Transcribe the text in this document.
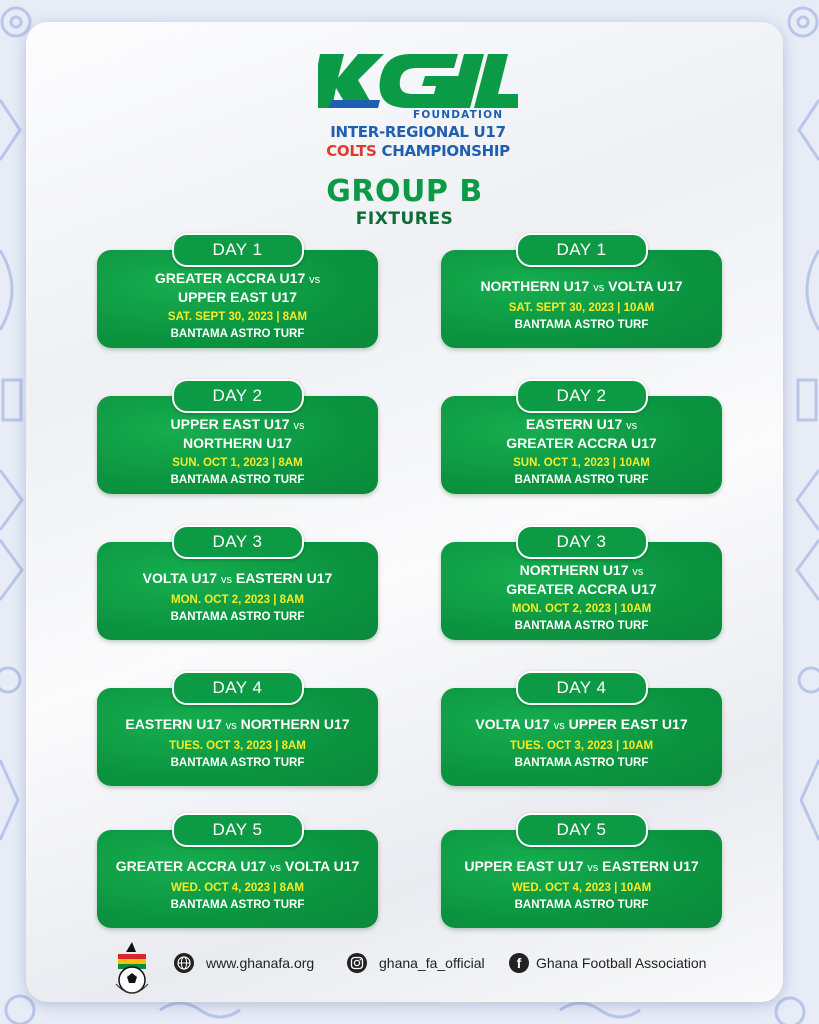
FOUNDATION
INTER-REGIONAL U17
COLTS CHAMPIONSHIP
GROUP B
FIXTURES
DAY 1
GREATER ACCRA U17 vs
UPPER EAST U17
SAT. SEPT 30, 2023 | 8AM
BANTAMA ASTRO TURF
DAY 1
NORTHERN U17 vs VOLTA U17
SAT. SEPT 30, 2023 | 10AM
BANTAMA ASTRO TURF
DAY 2
UPPER EAST U17 vs
NORTHERN U17
SUN. OCT 1, 2023 | 8AM
BANTAMA ASTRO TURF
DAY 2
EASTERN U17 vs
GREATER ACCRA U17
SUN. OCT 1, 2023 | 10AM
BANTAMA ASTRO TURF
DAY 3
VOLTA U17 vs EASTERN U17
MON. OCT 2, 2023 | 8AM
BANTAMA ASTRO TURF
DAY 3
NORTHERN U17 vs
GREATER ACCRA U17
MON. OCT 2, 2023 | 10AM
BANTAMA ASTRO TURF
DAY 4
EASTERN U17 vs NORTHERN U17
TUES. OCT 3, 2023 | 8AM
BANTAMA ASTRO TURF
DAY 4
VOLTA U17 vs UPPER EAST U17
TUES. OCT 3, 2023 | 10AM
BANTAMA ASTRO TURF
DAY 5
GREATER ACCRA U17 vs VOLTA U17
WED. OCT 4, 2023 | 8AM
BANTAMA ASTRO TURF
DAY 5
UPPER EAST U17 vs EASTERN U17
WED. OCT 4, 2023 | 10AM
BANTAMA ASTRO TURF
www.ghanafa.org	ghana_fa_official	f	Ghana Football Association
